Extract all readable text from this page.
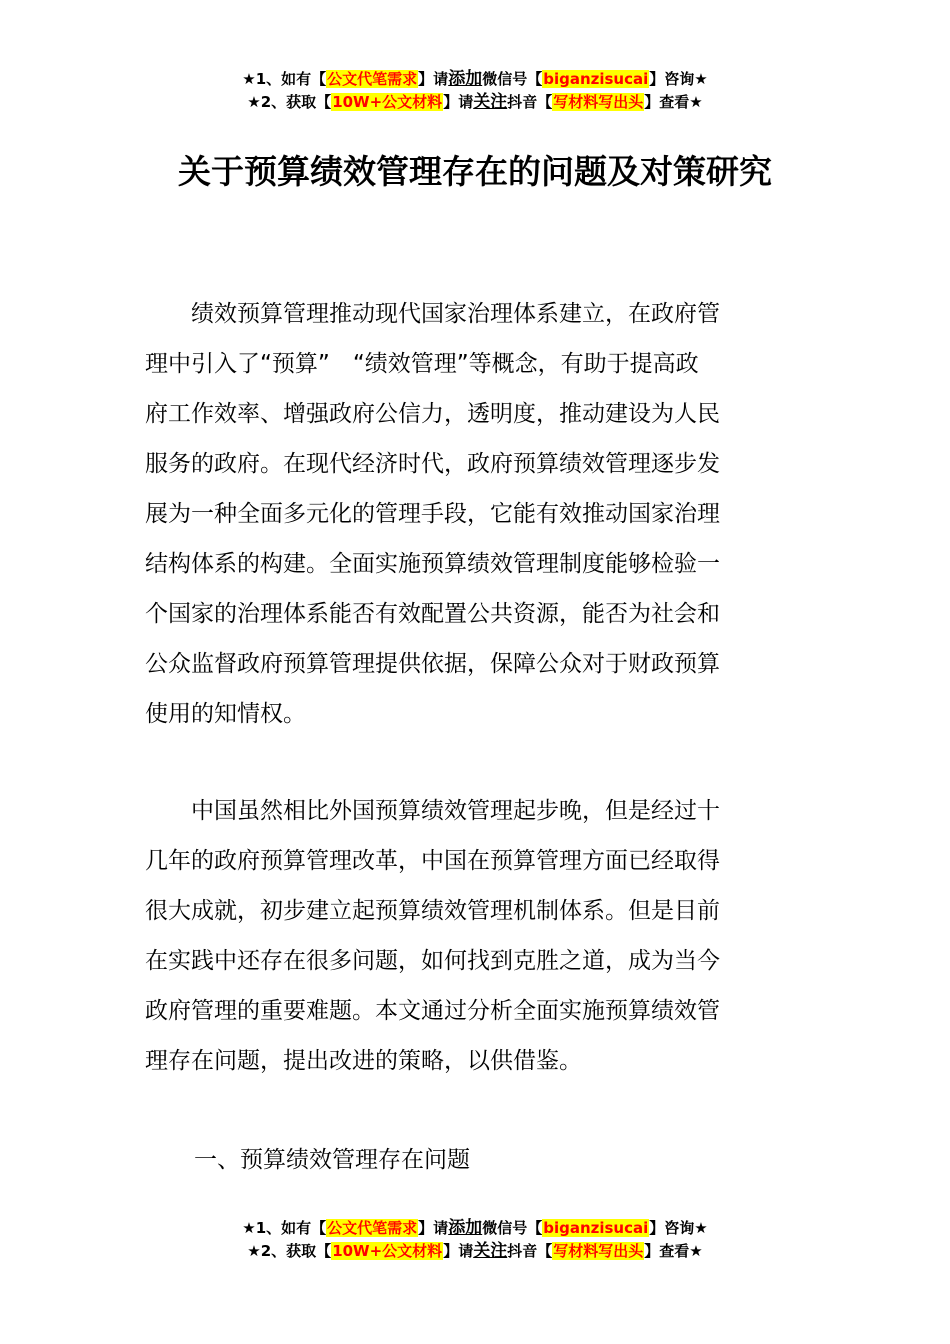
★1、如有【公文代笔需求】请添加微信号【biganzisucai】咨询★
★2、获取【10W+公文材料】请关注抖音【写材料写出头】查看★
关于预算绩效管理存在的问题及对策研究
　　绩效预算管理推动现代国家治理体系建立，在政府管
理中引入了“预算”　“绩效管理”等概念，有助于提高政
府工作效率、增强政府公信力，透明度，推动建设为人民
服务的政府。在现代经济时代，政府预算绩效管理逐步发
展为一种全面多元化的管理手段，它能有效推动国家治理
结构体系的构建。全面实施预算绩效管理制度能够检验一
个国家的治理体系能否有效配置公共资源，能否为社会和
公众监督政府预算管理提供依据，保障公众对于财政预算
使用的知情权。
　　中国虽然相比外国预算绩效管理起步晚，但是经过十
几年的政府预算管理改革，中国在预算管理方面已经取得
很大成就，初步建立起预算绩效管理机制体系。但是目前
在实践中还存在很多问题，如何找到克胜之道，成为当今
政府管理的重要难题。本文通过分析全面实施预算绩效管
理存在问题，提出改进的策略，以供借鉴。
一、预算绩效管理存在问题
★1、如有【公文代笔需求】请添加微信号【biganzisucai】咨询★
★2、获取【10W+公文材料】请关注抖音【写材料写出头】查看★
